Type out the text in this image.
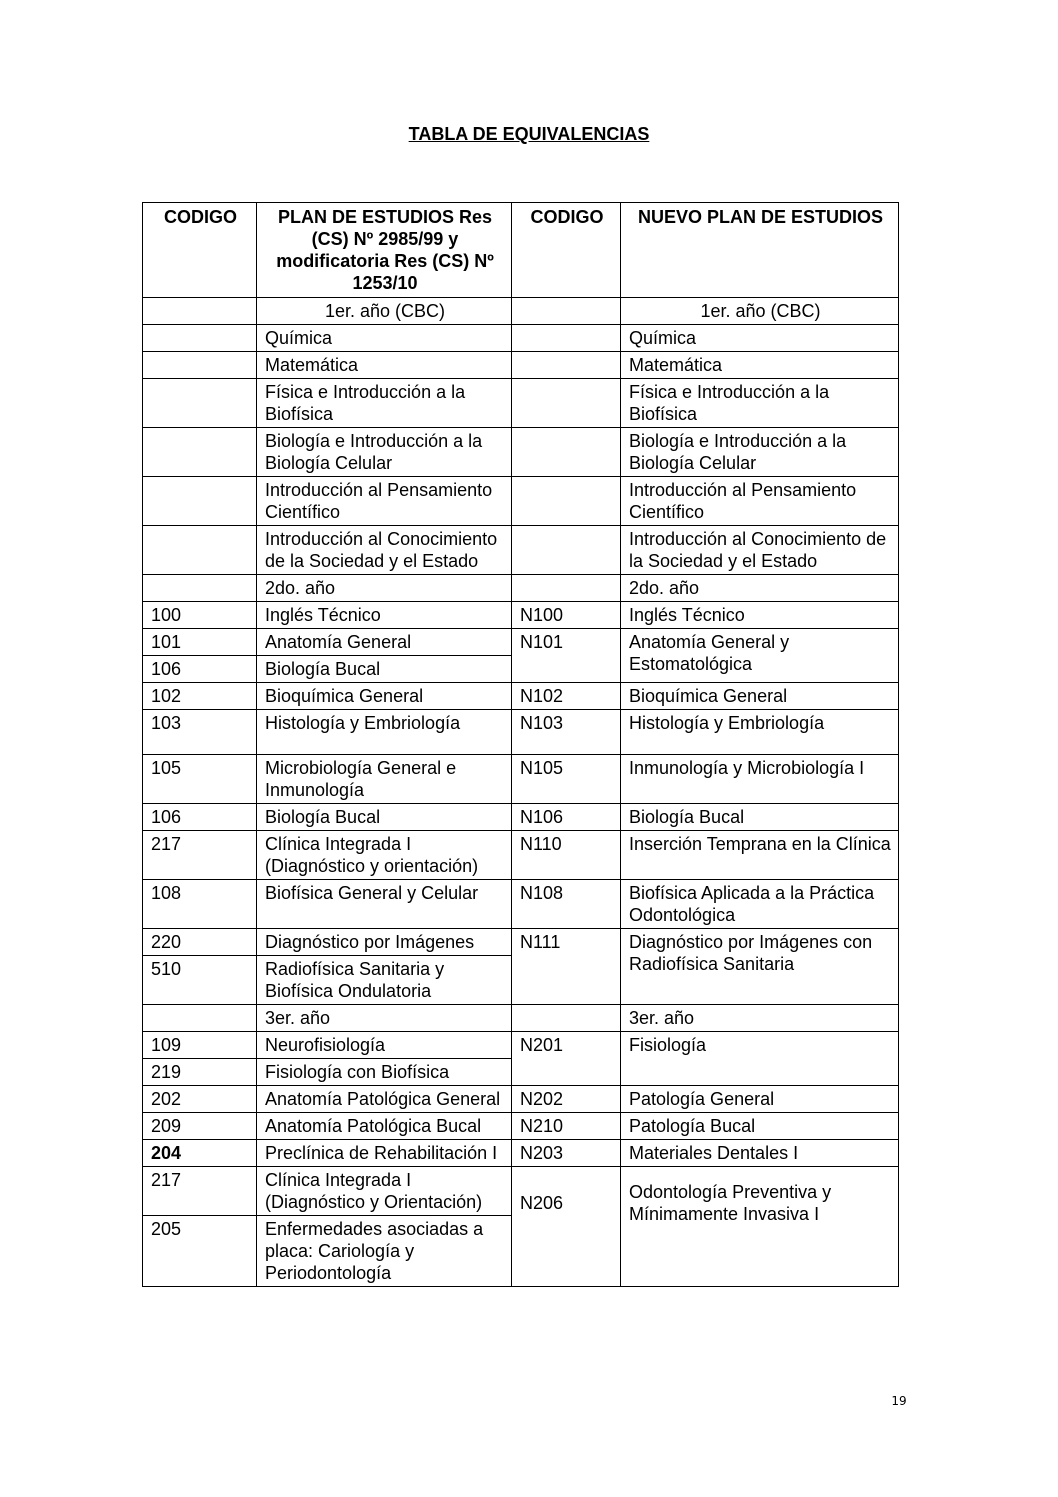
TABLA DE EQUIVALENCIAS
CODIGO	PLAN DE ESTUDIOS Res (CS) Nº 2985/99 y modificatoria Res (CS) Nº 1253/10	CODIGO	NUEVO PLAN DE ESTUDIOS
	1er. año (CBC)		1er. año (CBC)
	Química		Química
	Matemática		Matemática
	Física e Introducción a la Biofísica		Física e Introducción a la Biofísica
	Biología e Introducción a la Biología Celular		Biología e Introducción a la Biología Celular
	Introducción al Pensamiento Científico		Introducción al Pensamiento Científico
	Introducción al Conocimiento de la Sociedad y el Estado		Introducción al Conocimiento de la Sociedad y el Estado
	2do. año		2do. año
100	Inglés Técnico	N100	Inglés Técnico
101	Anatomía General	N101	Anatomía General y Estomatológica
106	Biología Bucal		
102	Bioquímica General	N102	Bioquímica General
103	Histología y Embriología	N103	Histología y Embriología
105	Microbiología General e Inmunología	N105	Inmunología y Microbiología I
106	Biología Bucal	N106	Biología Bucal
217	Clínica Integrada I (Diagnóstico y orientación)	N110	Inserción Temprana en la Clínica
108	Biofísica General y Celular	N108	Biofísica Aplicada a la Práctica Odontológica
220	Diagnóstico por Imágenes	N111	Diagnóstico por Imágenes con Radiofísica Sanitaria
510	Radiofísica Sanitaria y Biofísica Ondulatoria		
	3er. año		3er. año
109	Neurofisiología	N201	Fisiología
219	Fisiología con Biofísica		
202	Anatomía Patológica General	N202	Patología General
209	Anatomía Patológica Bucal	N210	Patología Bucal
204	Preclínica de Rehabilitación I	N203	Materiales Dentales I
217	Clínica Integrada I (Diagnóstico y Orientación)	N206	Odontología Preventiva y Mínimamente Invasiva I
205	Enfermedades asociadas a placa: Cariología y Periodontología		
19
